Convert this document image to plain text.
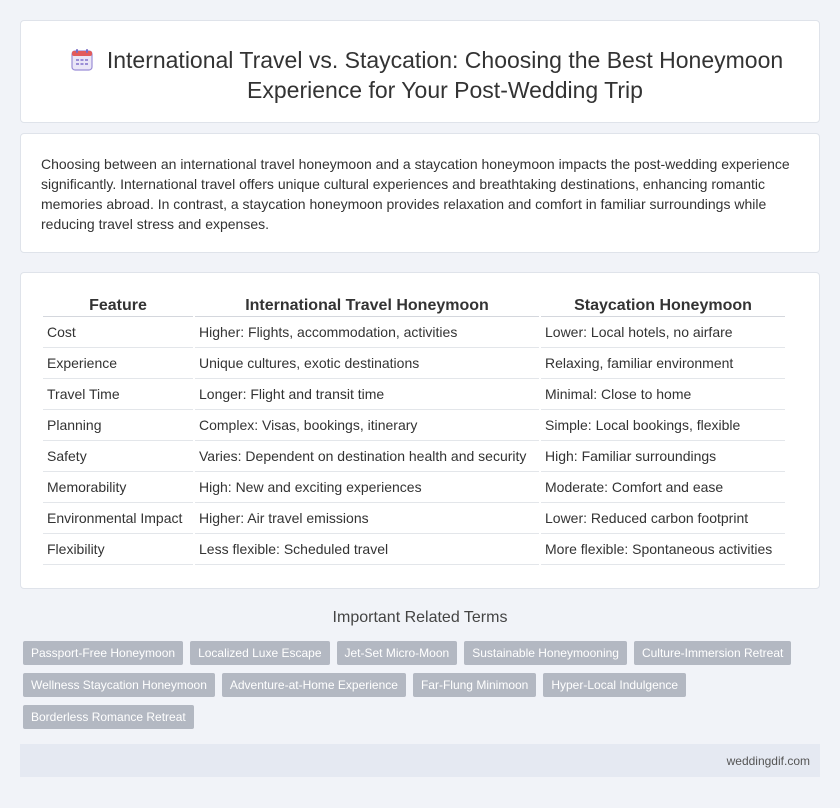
International Travel vs. Staycation: Choosing the Best Honeymoon Experience for Your Post-Wedding Trip

Choosing between an international travel honeymoon and a staycation honeymoon impacts the post-wedding experience significantly. International travel offers unique cultural experiences and breathtaking destinations, enhancing romantic memories abroad. In contrast, a staycation honeymoon provides relaxation and comfort in familiar surroundings while reducing travel stress and expenses.

Feature	International Travel Honeymoon	Staycation Honeymoon
Cost	Higher: Flights, accommodation, activities	Lower: Local hotels, no airfare
Experience	Unique cultures, exotic destinations	Relaxing, familiar environment
Travel Time	Longer: Flight and transit time	Minimal: Close to home
Planning	Complex: Visas, bookings, itinerary	Simple: Local bookings, flexible
Safety	Varies: Dependent on destination health and security	High: Familiar surroundings
Memorability	High: New and exciting experiences	Moderate: Comfort and ease
Environmental Impact	Higher: Air travel emissions	Lower: Reduced carbon footprint
Flexibility	Less flexible: Scheduled travel	More flexible: Spontaneous activities
Important Related Terms
Passport-Free Honeymoon	Localized Luxe Escape	Jet-Set Micro-Moon	Sustainable Honeymooning	Culture-Immersion Retreat
Wellness Staycation Honeymoon	Adventure-at-Home Experience	Far-Flung Minimoon	Hyper-Local Indulgence
Borderless Romance Retreat
weddingdif.com
